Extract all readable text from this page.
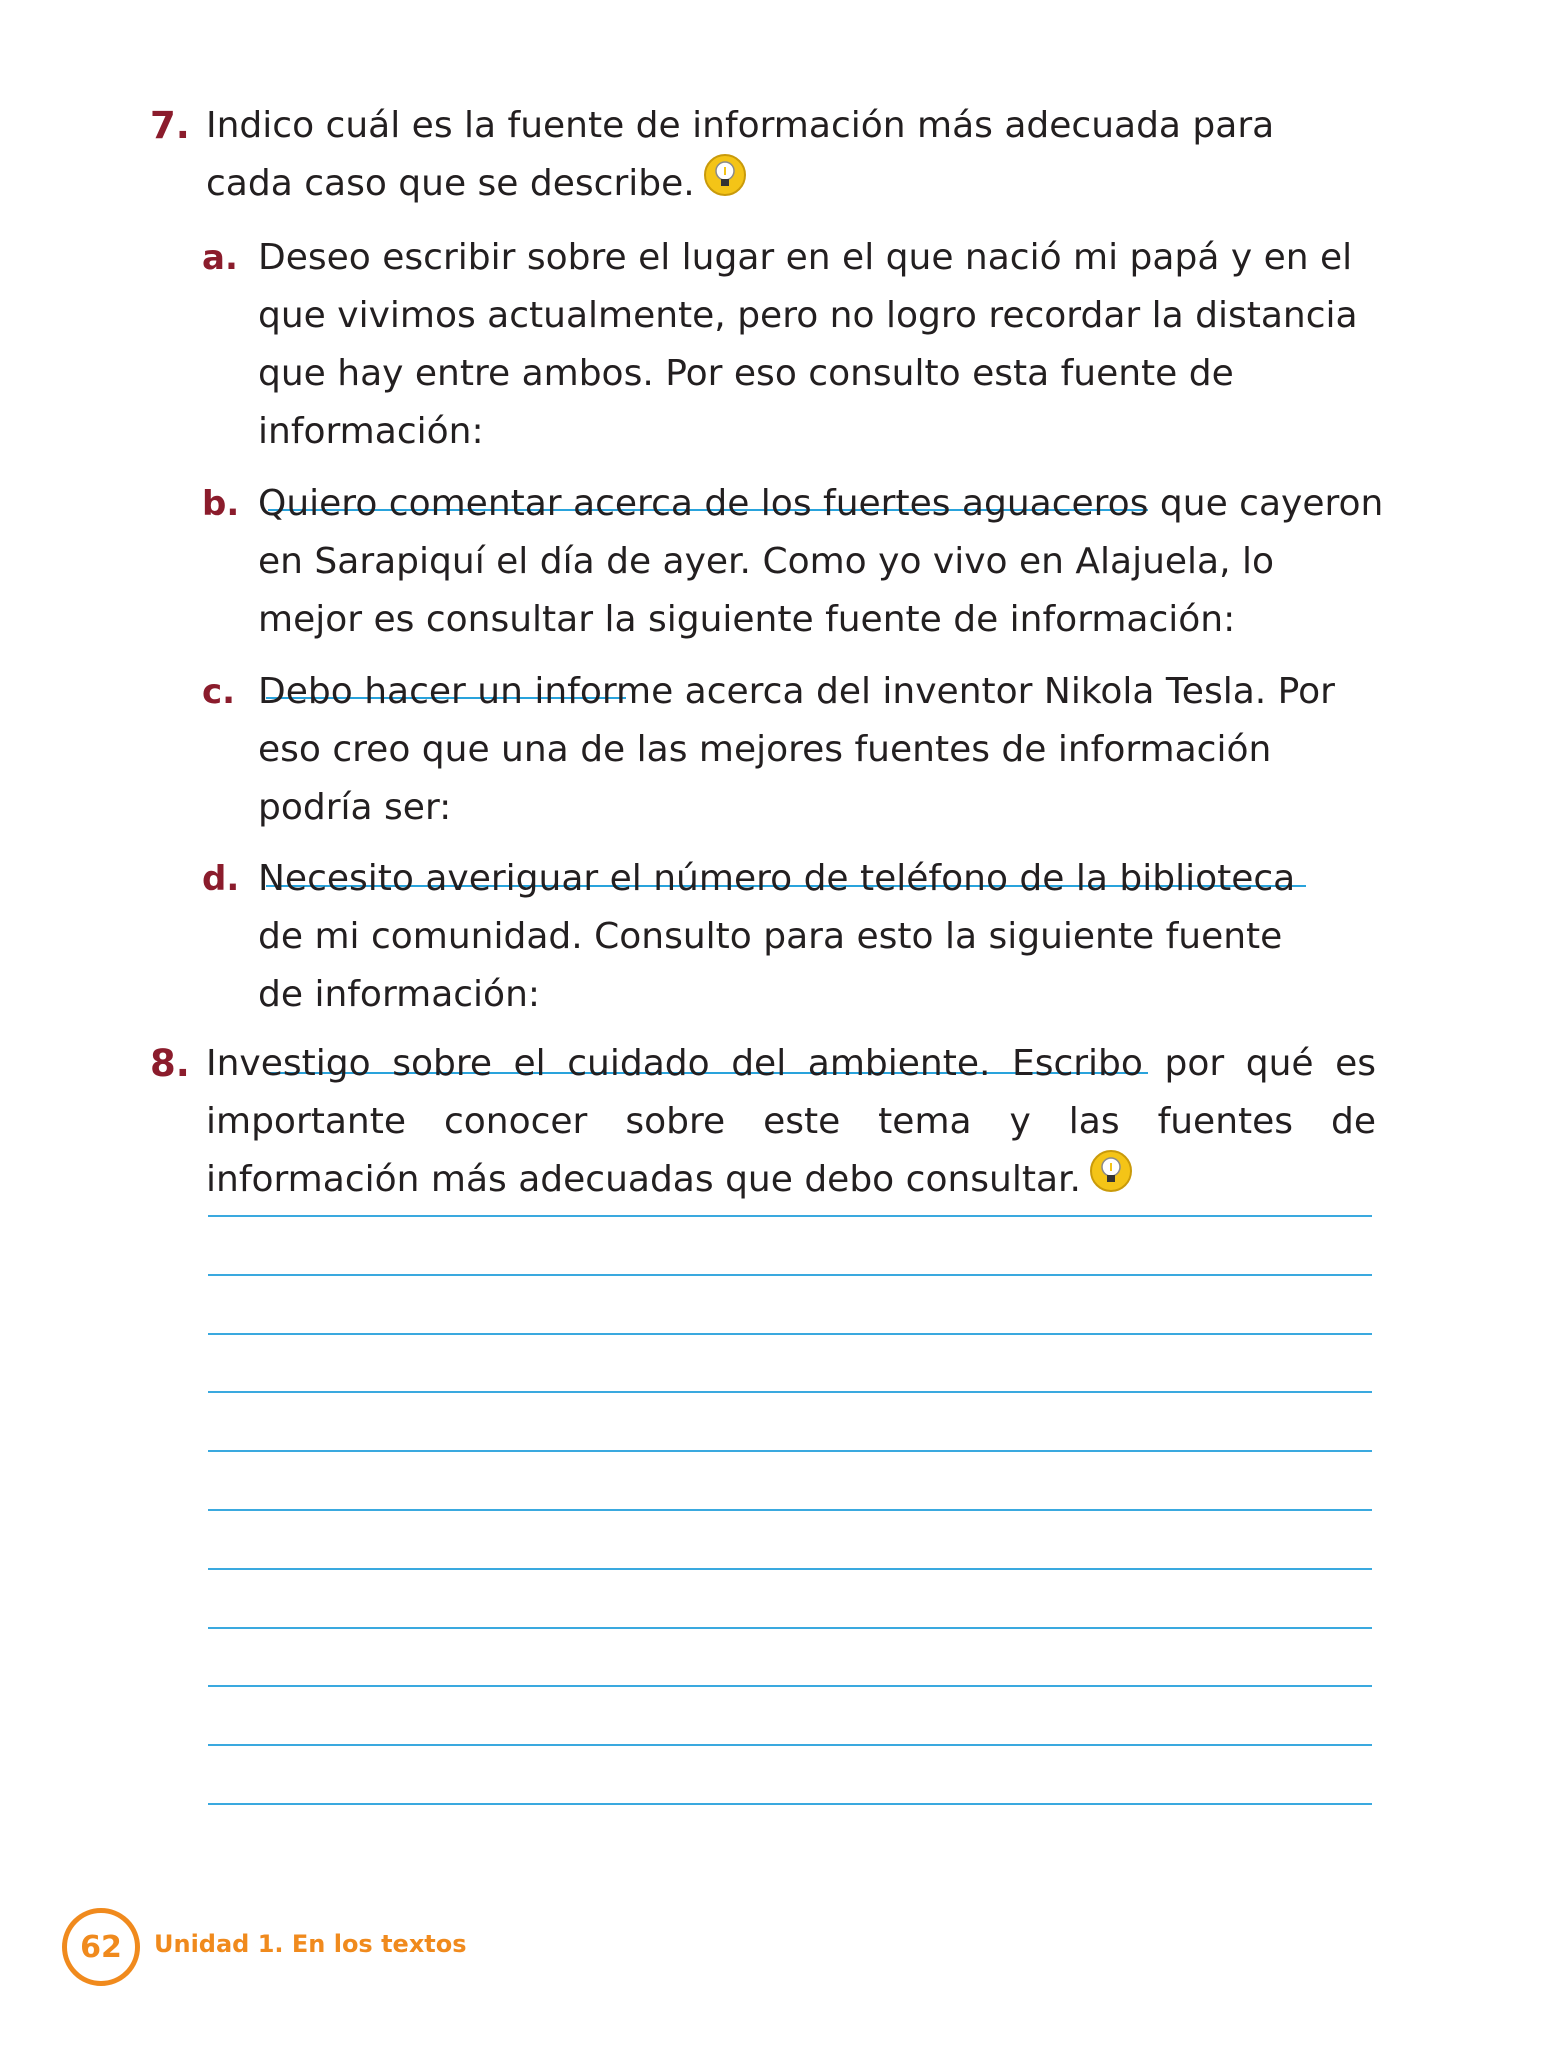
7. Indico cuál es la fuente de información más adecuada para cada caso que se describe.
a. Deseo escribir sobre el lugar en el que nació mi papá y en el que vivimos actualmente, pero no logro recordar la distancia que hay entre ambos. Por eso consulto esta fuente de información:
b. Quiero comentar acerca de los fuertes aguaceros que cayeron en Sarapiquí el día de ayer. Como yo vivo en Alajuela, lo mejor es consultar la siguiente fuente de información:
c. Debo hacer un informe acerca del inventor Nikola Tesla. Por eso creo que una de las mejores fuentes de información podría ser:
d. Necesito averiguar el número de teléfono de la biblioteca de mi comunidad. Consulto para esto la siguiente fuente de información:
8. Investigo sobre el cuidado del ambiente. Escribo por qué es importante conocer sobre este tema y las fuentes de información más adecuadas que debo consultar.
62	Unidad 1. En los textos
